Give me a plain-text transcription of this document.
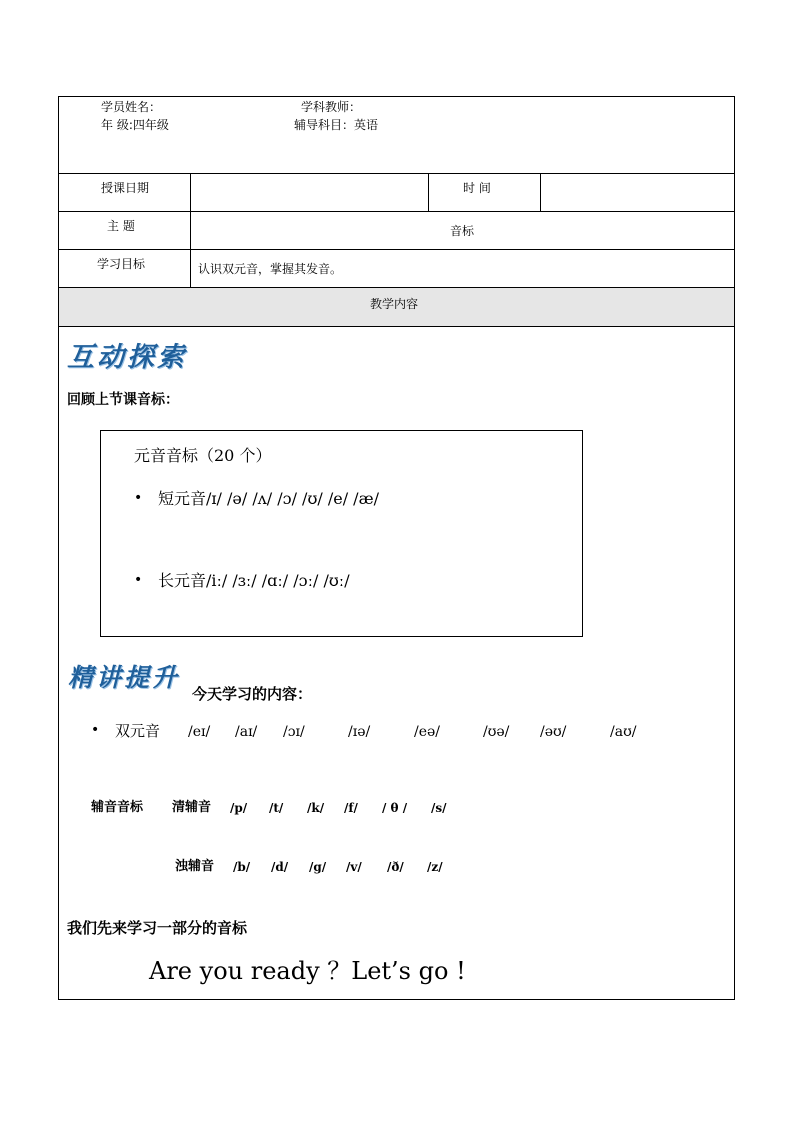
学员姓名：	学科教师：
年 级:四年级	辅导科目：英语
授课日期	时 间
主 题	音标
学习目标	认识双元音，掌握其发音。
教学内容
互动探索
回顾上节课音标：
元音音标（20 个）
• 短元音/ɪ/ /ə/ /ʌ/ /ɔ/ /ʊ/ /e/ /æ/
• 长元音/iː/ /ɜː/ /ɑː/ /ɔː/ /ʊː/
精讲提升
今天学习的内容：
• 双元音 /eɪ/ /aɪ/ /ɔɪ/	/ɪə/	/eə/	/ʊə/ /əʊ/	/aʊ/
辅音音标 清辅音 /p/ /t/ /k/ /f/ / θ / /s/
浊辅音 /b/ /d/ /g/ /v/ /ð/ /z/
我们先来学习一部分的音标
Are you ready ？Let’s go !
